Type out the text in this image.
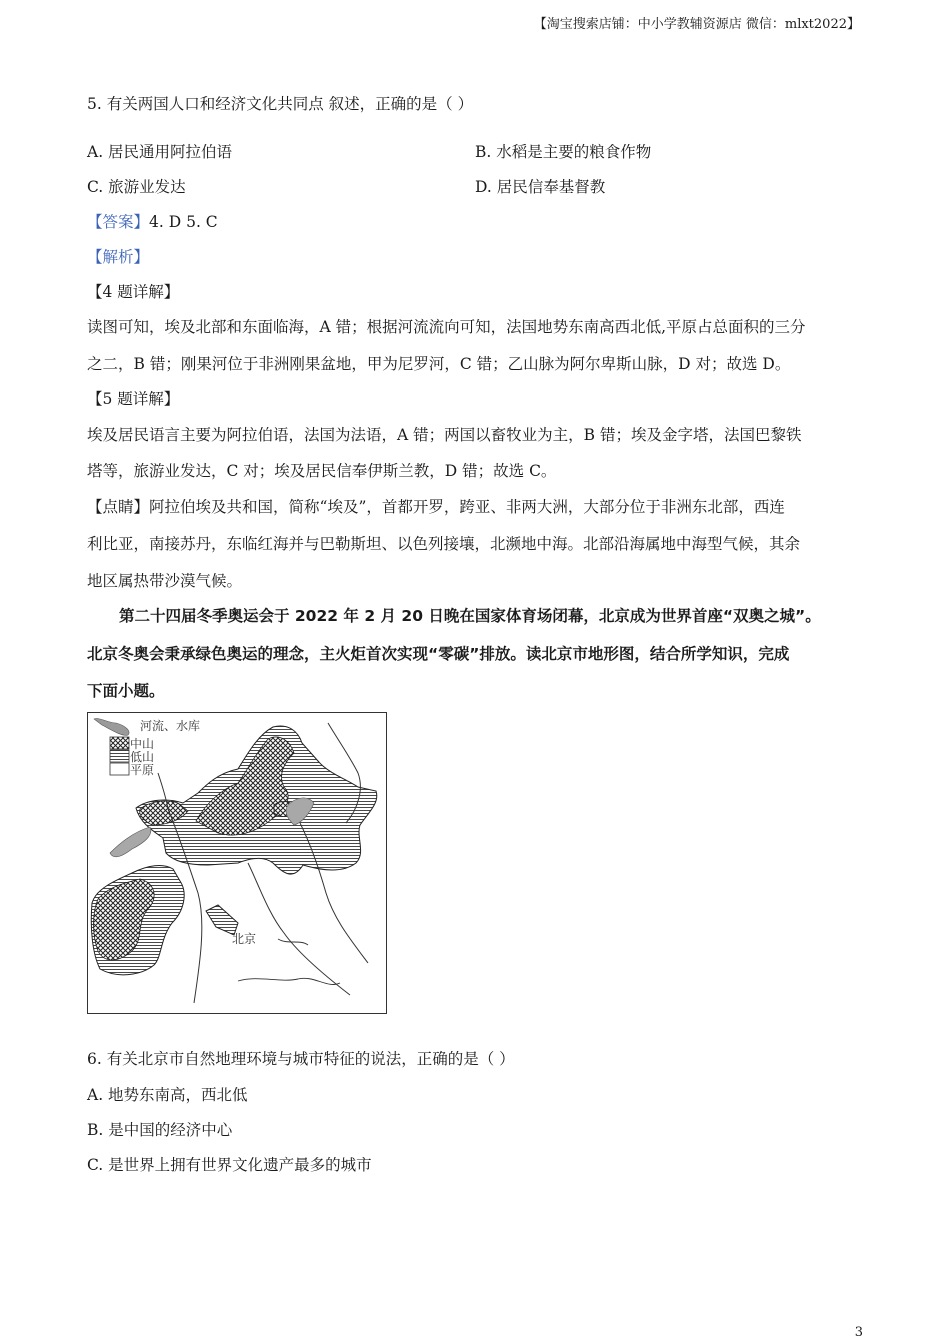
【淘宝搜索店铺：中小学教辅资源店 微信：mlxt2022】
5. 有关两国人口和经济文化共同点 叙述，正确的是（ ）
A. 居民通用阿拉伯语	B. 水稻是主要的粮食作物
C. 旅游业发达	D. 居民信奉基督教
【答案】4. D 5. C
【解析】
【4 题详解】
读图可知，埃及北部和东面临海，A 错；根据河流流向可知，法国地势东南高西北低,平原占总面积的三分
之二，B 错；刚果河位于非洲刚果盆地，甲为尼罗河，C 错；乙山脉为阿尔卑斯山脉，D 对；故选 D。
【5 题详解】
埃及居民语言主要为阿拉伯语，法国为法语，A 错；两国以畜牧业为主，B 错；埃及金字塔，法国巴黎铁
塔等，旅游业发达，C 对；埃及居民信奉伊斯兰教，D 错；故选 C。
【点睛】阿拉伯埃及共和国，简称“埃及”，首都开罗，跨亚、非两大洲，大部分位于非洲东北部，西连
利比亚，南接苏丹，东临红海并与巴勒斯坦、以色列接壤，北濒地中海。北部沿海属地中海型气候，其余
地区属热带沙漠气候。
第二十四届冬季奥运会于 2022 年 2 月 20 日晚在国家体育场闭幕，北京成为世界首座“双奥之城”。
北京冬奥会秉承绿色奥运的理念，主火炬首次实现“零碳”排放。读北京市地形图，结合所学知识，完成
下面小题。
河流、水库
中山
低山
平原
北京
6. 有关北京市自然地理环境与城市特征的说法，正确的是（ ）
A. 地势东南高，西北低
B. 是中国的经济中心
C. 是世界上拥有世界文化遗产最多的城市
3
